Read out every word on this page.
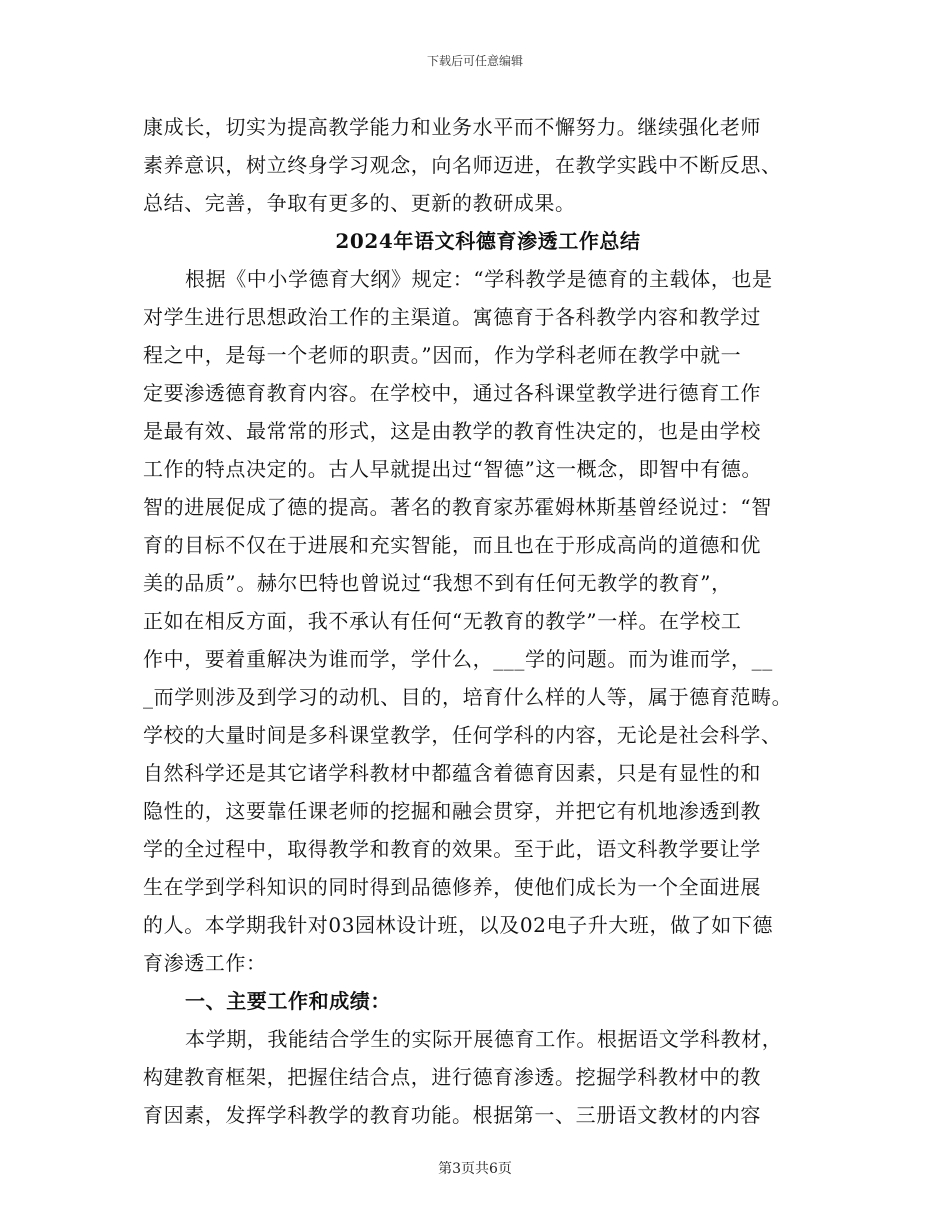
下载后可任意编辑
康成长，切实为提高教学能力和业务水平而不懈努力。继续强化老师
素养意识，树立终身学习观念，向名师迈进，在教学实践中不断反思、
总结、完善，争取有更多的、更新的教研成果。
2024年语文科德育渗透工作总结
根据《中小学德育大纲》规定：“学科教学是德育的主载体，也是
对学生进行思想政治工作的主渠道。寓德育于各科教学内容和教学过
程之中，是每一个老师的职责。”因而，作为学科老师在教学中就一
定要渗透德育教育内容。在学校中，通过各科课堂教学进行德育工作
是最有效、最常常的形式，这是由教学的教育性决定的，也是由学校
工作的特点决定的。古人早就提出过“智德”这一概念，即智中有德。
智的进展促成了德的提高。著名的教育家苏霍姆林斯基曾经说过：“智
育的目标不仅在于进展和充实智能，而且也在于形成高尚的道德和优
美的品质”。赫尔巴特也曾说过“我想不到有任何无教学的教育”，
正如在相反方面，我不承认有任何“无教育的教学”一样。在学校工
作中，要着重解决为谁而学，学什么，___学的问题。而为谁而学，__
_而学则涉及到学习的动机、目的，培育什么样的人等，属于德育范畴。
学校的大量时间是多科课堂教学，任何学科的内容，无论是社会科学、
自然科学还是其它诸学科教材中都蕴含着德育因素，只是有显性的和
隐性的，这要靠任课老师的挖掘和融会贯穿，并把它有机地渗透到教
学的全过程中，取得教学和教育的效果。至于此，语文科教学要让学
生在学到学科知识的同时得到品德修养，使他们成长为一个全面进展
的人。本学期我针对03园林设计班，以及02电子升大班，做了如下德
育渗透工作：
一、主要工作和成绩：
本学期，我能结合学生的实际开展德育工作。根据语文学科教材，
构建教育框架，把握住结合点，进行德育渗透。挖掘学科教材中的教
育因素，发挥学科教学的教育功能。根据第一、三册语文教材的内容
第3页共6页
